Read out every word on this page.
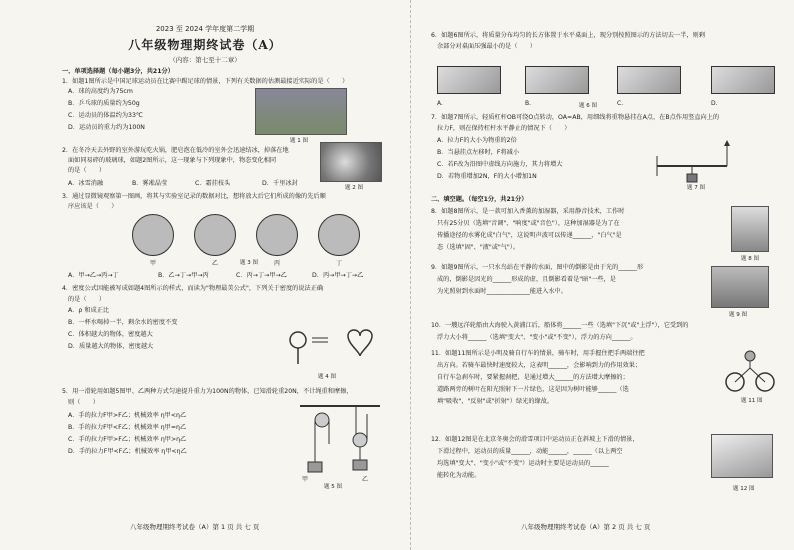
2023 至 2024 学年度第二学期
八年级物理期终试卷（A）
（内容：第七至十二章）
一、单项选择题（每小题3分，共21分）
1．如题1图所示是中国足球运动员在比赛中踢足球的情景，下列有关数据的估测最接近实际的是（　　）
A．球的高度约为75cm
B．乒乓球的质量约为50g
C．运动员的体温约为33℃
D．运动员的重力约为100N
题 1 图
2．在冬冷天去外野的室外游玩吃火锅，肥皂泡在低冷的室外会迅速结冰，掉落在地
面如同易碎的玻璃球，如题2图所示，这一现象与下列现象中，物态变化相同
的是（　　）
A．冰雪消融	B．雾凇晶莹	C．霜挂枝头	D．千里冰封
题 2 图
3．通过显微镜观察第一图画，将其与实验室记录的数据对比，想将放大后它们所成的像的先后顺
序应该是（　　）
甲	乙	丙	丁
题 3 图
A．甲→乙→丙→丁	B．乙→丁→甲→丙	C．丙→丁→甲→乙	D．丙→甲→丁→乙
4．密度公式因能被写成如题4图所示的样式，而读为"物理最美公式"，下列关于密度的说法正确
的是（　　）
A．ρ 和成正比
B．一杯水喝掉一半，剩余水的密度不变
C．体积越大的物体，密度越大
D．质量越大的物体，密度越大
题 4 图
5．用一滑轮用如题5图甲、乙两种方式匀速提升重力为100N的物体，已知滑轮重20N，不计绳重和摩擦，
则（　　）
A．手的拉力F甲>F乙；机械效率 η甲<η乙
B．手的拉力F甲<F乙；机械效率 η甲=η乙
C．手的拉力F甲>F乙；机械效率 η甲>η乙
D．手的拉力F甲<F乙；机械效率 η甲<η乙
甲	乙
题 5 图
八年级物理期终考试卷（A）第 1 页 共 七 页
6．如题6图所示，将质量分布均匀的长方体置于水平桌面上，现分别按照图示的方法切去一半，则剩
余部分对桌面压强最小的是（　　）
A.	B.	C.	D.
题 6 图
7．如题7图所示，轻质杠杆OB可绕O点转动，OA=AB，用细线将重物悬挂在A点，在B点作用竖直向上的
拉力F，则在保持杠杆水平静止的情况下（　　）
A．拉力F的大小为物重的2倍
B．当悬挂点左移时，F将减小
C．若F改为沿图中虚线方向施力，其力将增大
D．若物重增加2N，F的大小增加1N
题 7 图
二、填空题。（每空1分，共21分）
8．如题8图所示，是一款可加入香薰的加湿器，采用静音技术，工作时
只有25分贝（选填"音调"、"响度"或"音色"），这种加湿器是为了在
传播途径的水雾化成"白气"，这说明声波可以传递______，"白气"是
态（选填"固"、"液"或"气"）。
题 8 图
9．如题9图所示，一只水鸟站在平静的水面，图中的倒影是由于光的______形
成的，倒影是因光的______形成的虚，且倒影看着是"暗"一些，是
为光照射到水面时______________能进入水中。
题 9 图
10．一艘远洋轮船由大海驶入黄浦江后，船体将______一些（选填"下沉"或"上浮"），它受到的
浮力大小将______（选填"变大"、"变小"或"不变"），浮力的方向______。
11．如题11图所示是小明及骑自行车的情景，骑车时，用手握住把手两端往把
出方向。若骑车最快时速度较大，这表明______，会影响到力的作用效果；
自行车急刹车时，要紧握刹把，是通过增大______的方法增大摩擦的；
道路两旁的树叶在阳光照射下一片绿色，这是因为树叶能够______（选
填"吸收"、"反射"或"折射"）绿光的缘故。	题 11 图
12．如题12图是在北京冬奥会的滑雪项目中运动员正在斜坡上下滑的情景，
下滑过程中，运动员的质量______，动能______，______（以上两空
均选填"变大"、"变小"或"不变"）运动时主要是运动员的______
能转化为动能。
题 12 图
八年级物理期终考试卷（A）第 2 页 共 七 页
